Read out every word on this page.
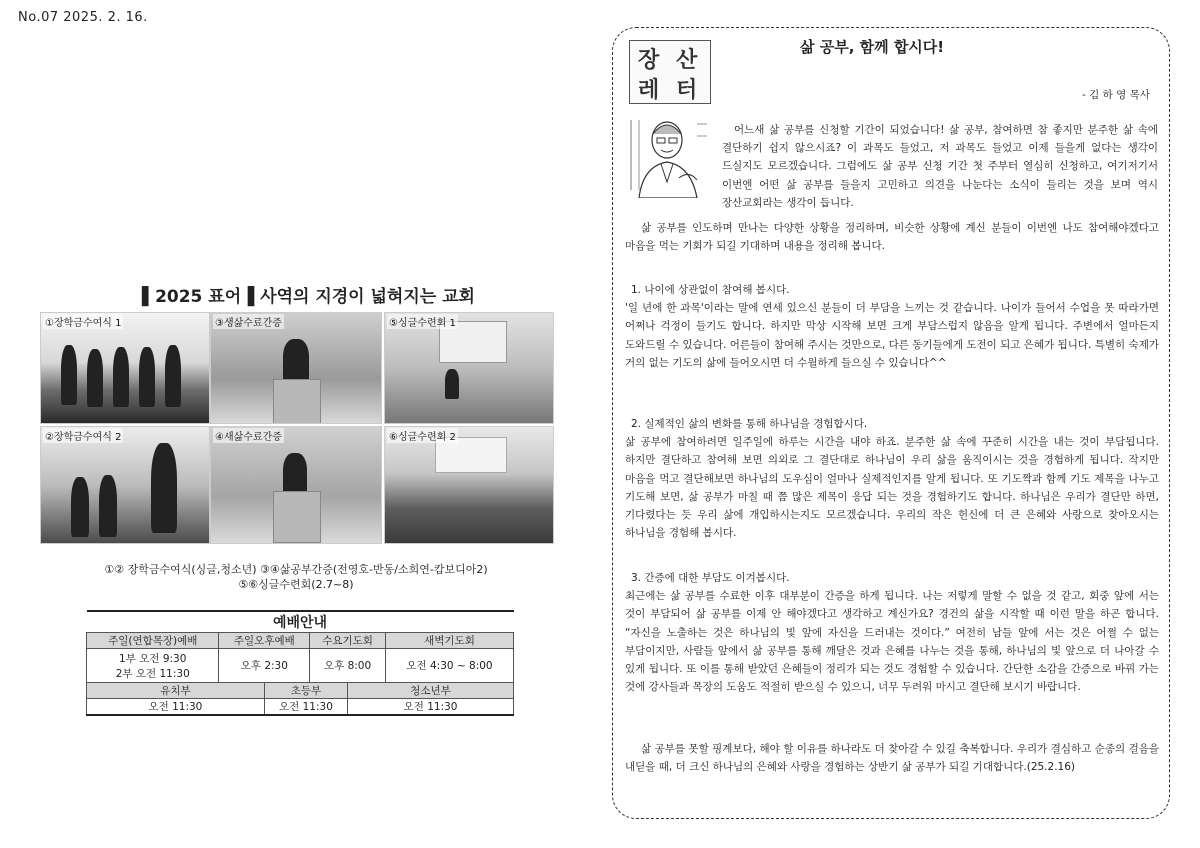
No.07 2025. 2. 16.
▌2025 표어▐ 사역의 지경이 넓혀지는 교회
①장학금수여식 1	③생삶수료간증	⑤싱글수련회 1
②장학금수여식 2	④새삶수료간증	⑥싱글수련회 2
①② 장학금수여식(싱글,청소년) ③④삶공부간증(전영호-반동/소희연-캄보디아2)
⑤⑥싱글수련회(2.7~8)
예배안내					
주일(연합목장)예배	주일오후예배		수요기도회		새벽기도회

1부 오전 9:30
2부 오전 11:30	오후 2:30		오후 8:00		오전 4:30 ~ 8:00
유치부		초등부		청소년부	
오전 11:30		오전 11:30		오전 11:30	
장 산
레 터
삶 공부, 함께 합시다!
- 김 하 영 목사

어느새 삶 공부를 신청할 기간이 되었습니다! 삶 공부, 참여하면 참 좋지만 분주한 삶 속에 결단하기 쉽지 않으시죠? 이 과목도 들었고, 저 과목도 들었고 이제 들을게 없다는 생각이 드실지도 모르겠습니다. 그럼에도 삶 공부 신청 기간 첫 주부터 열심히 신청하고, 여기저기서 이번엔 어떤 삶 공부를 들을지 고민하고 의견을 나눈다는 소식이 들리는 것을 보며 역시 장산교회라는 생각이 듭니다.

삶 공부를 인도하며 만나는 다양한 상황을 정리하며, 비슷한 상황에 계신 분들이 이번엔 나도 참여해야겠다고 마음을 먹는 기회가 되길 기대하며 내용을 정리해 봅니다.

1. 나이에 상관없이 참여해 봅시다.
'일 년에 한 과목'이라는 말에 연세 있으신 분들이 더 부담을 느끼는 것 같습니다. 나이가 들어서 수업을 못 따라가면 어쩌나 걱정이 들기도 합니다. 하지만 막상 시작해 보면 크게 부담스럽지 않음을 알게 됩니다. 주변에서 얼마든지 도와드릴 수 있습니다. 어른들이 참여해 주시는 것만으로, 다른 동기들에게 도전이 되고 은혜가 됩니다. 특별히 숙제가 거의 없는 기도의 삶에 들어오시면 더 수월하게 들으실 수 있습니다^^
2. 실제적인 삶의 변화를 통해 하나님을 경험합시다.
삶 공부에 참여하려면 일주일에 하루는 시간을 내야 하죠. 분주한 삶 속에 꾸준히 시간을 내는 것이 부담됩니다. 하지만 결단하고 참여해 보면 의외로 그 결단대로 하나님이 우리 삶을 움직이시는 것을 경험하게 됩니다. 작지만 마음을 먹고 결단해보면 하나님의 도우심이 얼마나 실제적인지를 알게 됩니다. 또 기도짝과 함께 기도 제목을 나누고 기도해 보면, 삶 공부가 마칠 때 쯤 많은 제목이 응답 되는 것을 경험하기도 합니다. 하나님은 우리가 결단만 하면, 기다렸다는 듯 우리 삶에 개입하시는지도 모르겠습니다. 우리의 작은 헌신에 더 큰 은혜와 사랑으로 찾아오시는 하나님을 경험해 봅시다.
3. 간증에 대한 부담도 이겨봅시다.
최근에는 삶 공부를 수료한 이후 대부분이 간증을 하게 됩니다. 나는 저렇게 말할 수 없을 것 같고, 회중 앞에 서는 것이 부담되어 삶 공부를 이제 안 해야겠다고 생각하고 계신가요? 경건의 삶을 시작할 때 이런 말을 하곤 합니다. “자신을 노출하는 것은 하나님의 빛 앞에 자신을 드러내는 것이다.” 여전히 남들 앞에 서는 것은 어쩔 수 없는 부담이지만, 사람들 앞에서 삶 공부를 통해 깨달은 것과 은혜를 나누는 것을 통해, 하나님의 빛 앞으로 더 나아갈 수 있게 됩니다. 또 이를 통해 받았던 은혜들이 정리가 되는 것도 경험할 수 있습니다. 간단한 소감을 간증으로 바꿔 가는 것에 강사들과 목장의 도움도 적절히 받으실 수 있으니, 너무 두려워 마시고 결단해 보시기 바랍니다.

삶 공부를 못할 핑계보다, 해야 할 이유를 하나라도 더 찾아갈 수 있길 축복합니다. 우리가 결심하고 순종의 걸음을 내딛을 때, 더 크신 하나님의 은혜와 사랑을 경험하는 상반기 삶 공부가 되길 기대합니다.(25.2.16)
